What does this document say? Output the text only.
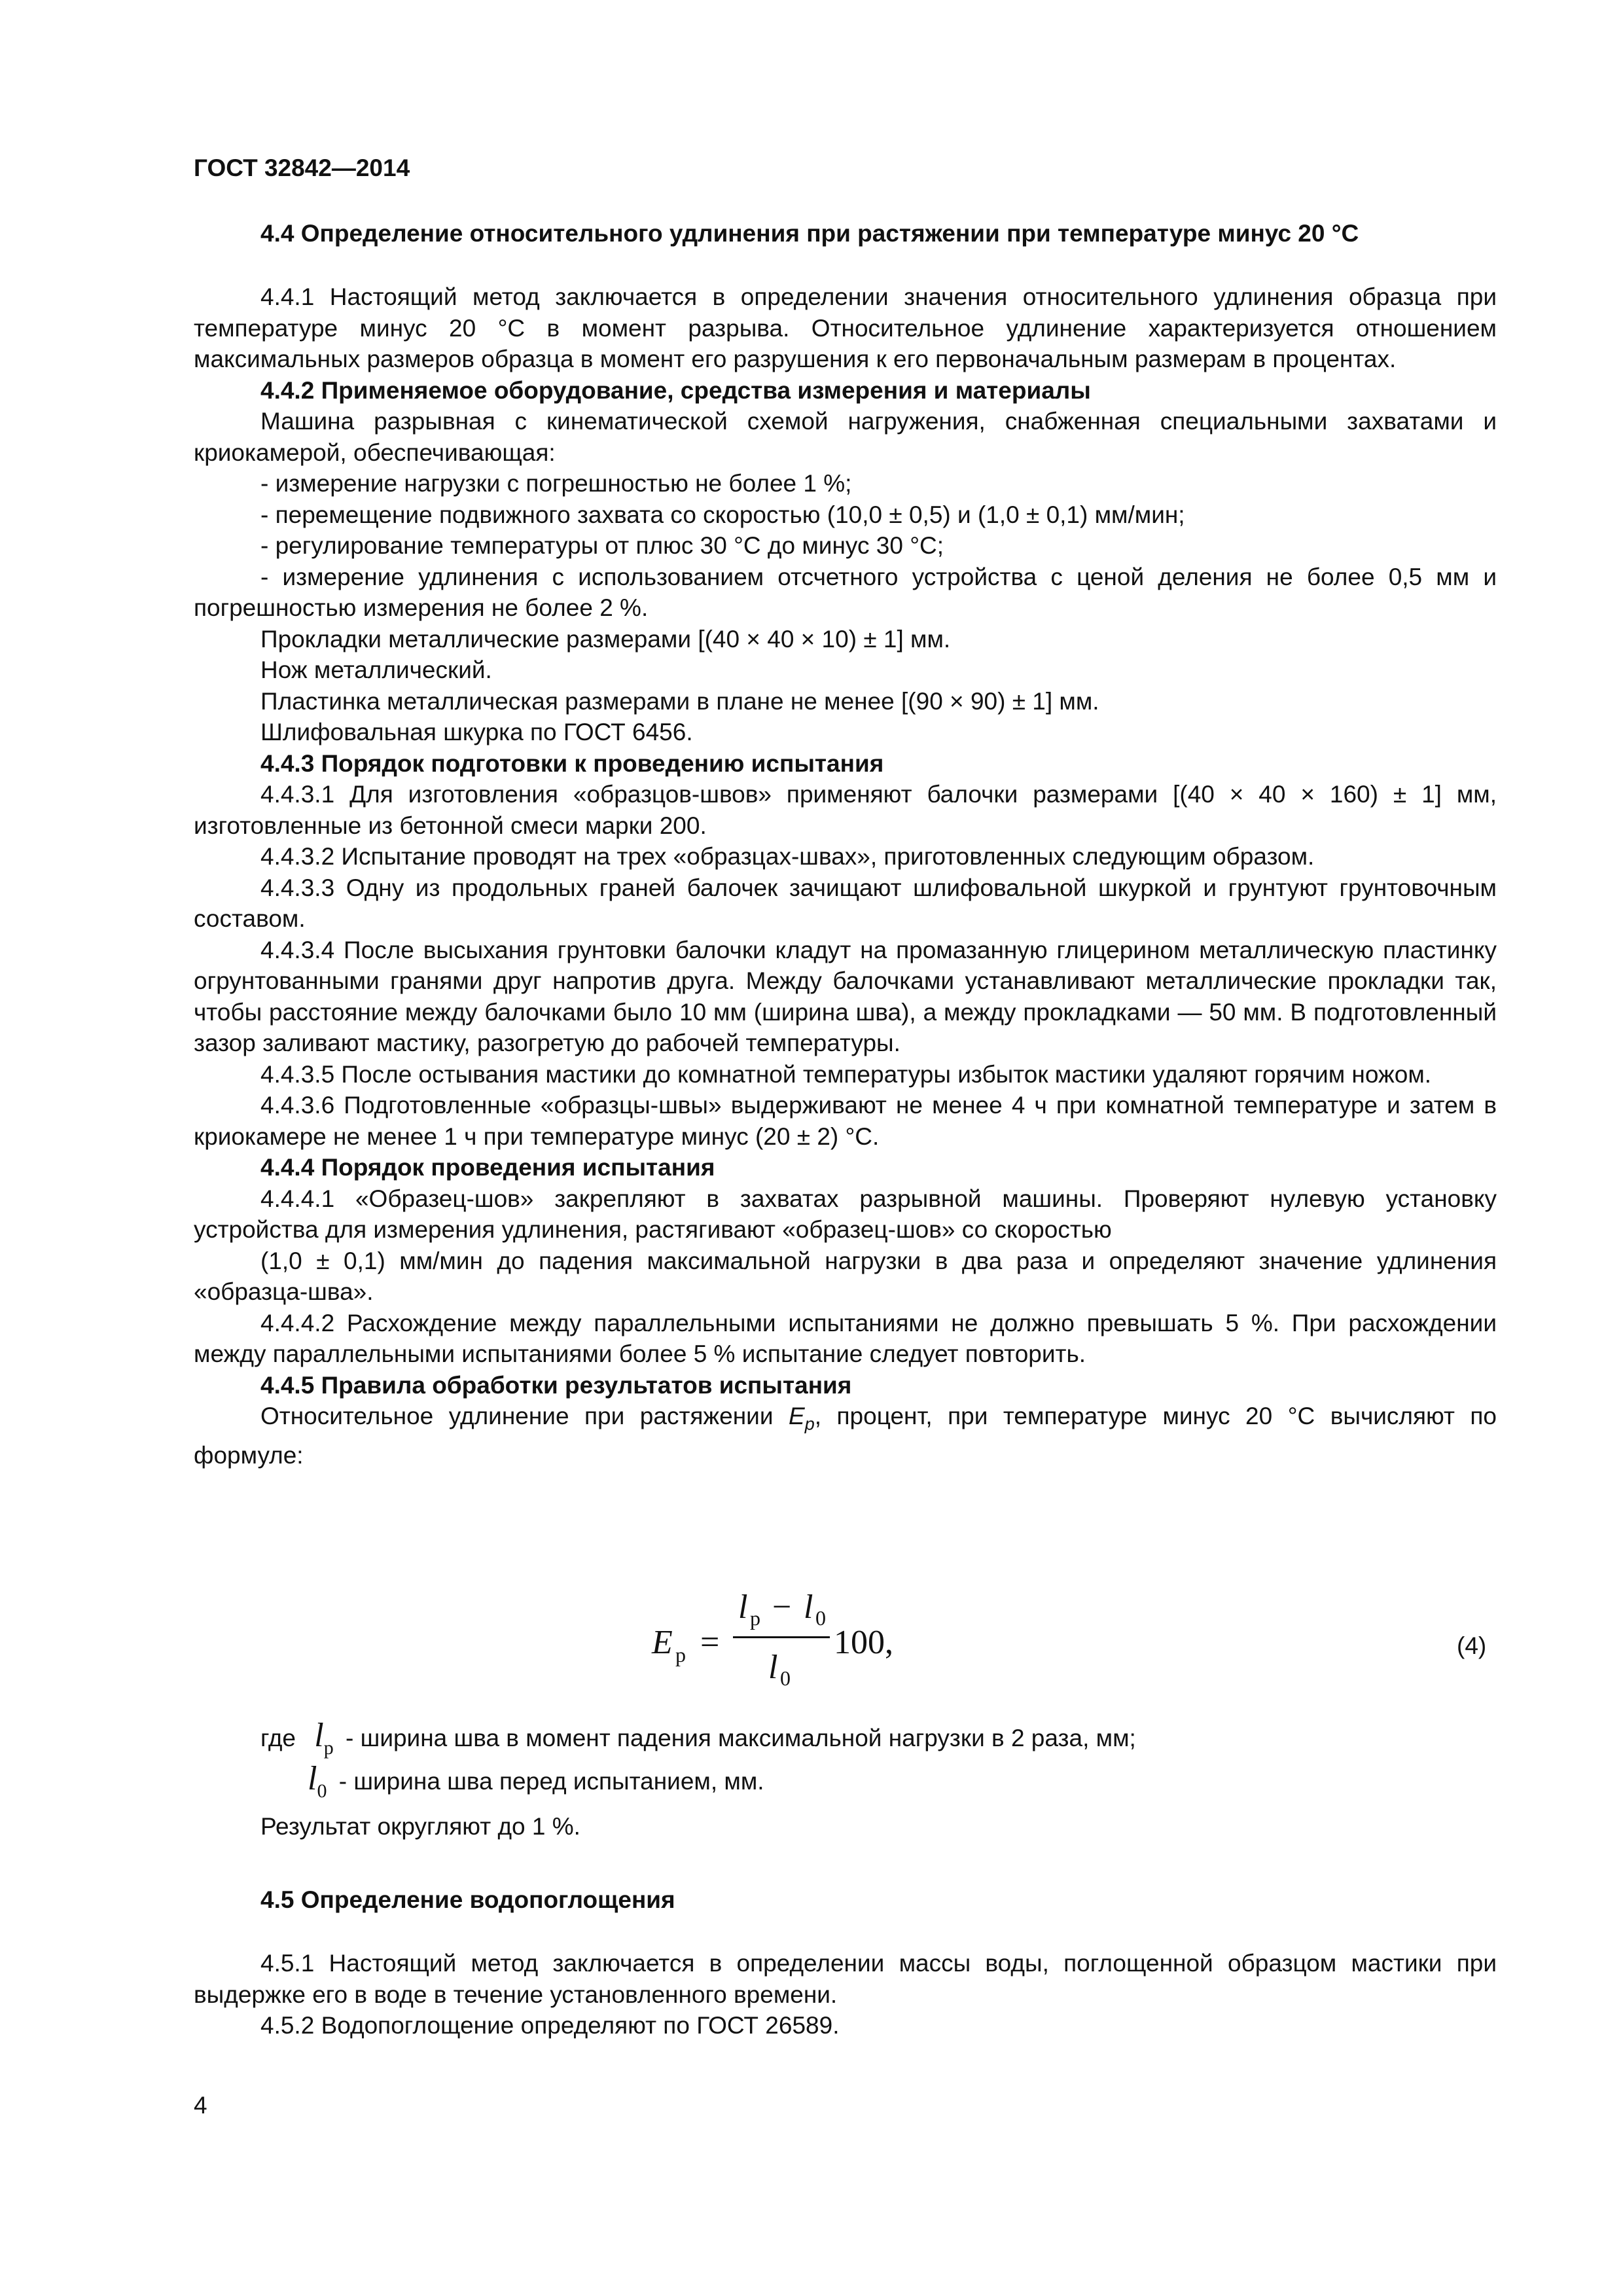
ГОСТ 32842—2014
4.4 Определение относительного удлинения при растяжении при температуре минус 20 °С

4.4.1 Настоящий метод заключается в определении значения относительного удлинения образца при температуре минус 20 °С в момент разрыва. Относительное удлинение характеризуется отношением максимальных размеров образца в момент его разрушения к его первоначальным размерам в процентах.

4.4.2 Применяемое оборудование, средства измерения и материалы

Машина разрывная с кинематической схемой нагружения, снабженная специальными захватами и криокамерой, обеспечивающая:

- измерение нагрузки с погрешностью не более 1 %;

- перемещение подвижного захвата со скоростью (10,0 ± 0,5) и (1,0 ± 0,1) мм/мин;

- регулирование температуры от плюс 30 °С до минус 30 °С;

- измерение удлинения с использованием отсчетного устройства с ценой деления не более 0,5 мм и погрешностью измерения не более 2 %.

Прокладки металлические размерами [(40 × 40 × 10) ± 1] мм.

Нож металлический.

Пластинка металлическая размерами в плане не менее [(90 × 90) ± 1] мм.

Шлифовальная шкурка по ГОСТ 6456.

4.4.3 Порядок подготовки к проведению испытания

4.4.3.1 Для изготовления «образцов-швов» применяют балочки размерами [(40 × 40 × 160) ± 1] мм, изготовленные из бетонной смеси марки 200.

4.4.3.2 Испытание проводят на трех «образцах-швах», приготовленных следующим образом.

4.4.3.3 Одну из продольных граней балочек зачищают шлифовальной шкуркой и грунтуют грунтовочным составом.

4.4.3.4 После высыхания грунтовки балочки кладут на промазанную глицерином металлическую пластинку огрунтованными гранями друг напротив друга. Между балочками устанавливают металлические прокладки так, чтобы расстояние между балочками было 10 мм (ширина шва), а между прокладками — 50 мм. В подготовленный зазор заливают мастику, разогретую до рабочей температуры.

4.4.3.5 После остывания мастики до комнатной температуры избыток мастики удаляют горячим ножом.

4.4.3.6 Подготовленные «образцы-швы» выдерживают не менее 4 ч при комнатной температуре и затем в криокамере не менее 1 ч при температуре минус (20 ± 2) °С.

4.4.4 Порядок проведения испытания

4.4.4.1 «Образец-шов» закрепляют в захватах разрывной машины. Проверяют нулевую установку устройства для измерения удлинения, растягивают «образец-шов» со скоростью

(1,0 ± 0,1) мм/мин до падения максимальной нагрузки в два раза и определяют значение удлинения «образца-шва».

4.4.4.2 Расхождение между параллельными испытаниями не должно превышать 5 %. При расхождении между параллельными испытаниями более 5 % испытание следует повторить.

4.4.5 Правила обработки результатов испытания

Относительное удлинение при растяжении $E_p$, процент, при температуре минус 20 °С вычисляют по формуле:

E р =
l р − l 0
l 0
100,	(4)
где $l_р$ - ширина шва в момент падения максимальной нагрузки в 2 раза, мм;
$l_0$ - ширина шва перед испытанием, мм.
Результат округляют до 1 %.
4.5 Определение водопоглощения

4.5.1 Настоящий метод заключается в определении массы воды, поглощенной образцом мастики при выдержке его в воде в течение установленного времени.

4.5.2 Водопоглощение определяют по ГОСТ 26589.

4
